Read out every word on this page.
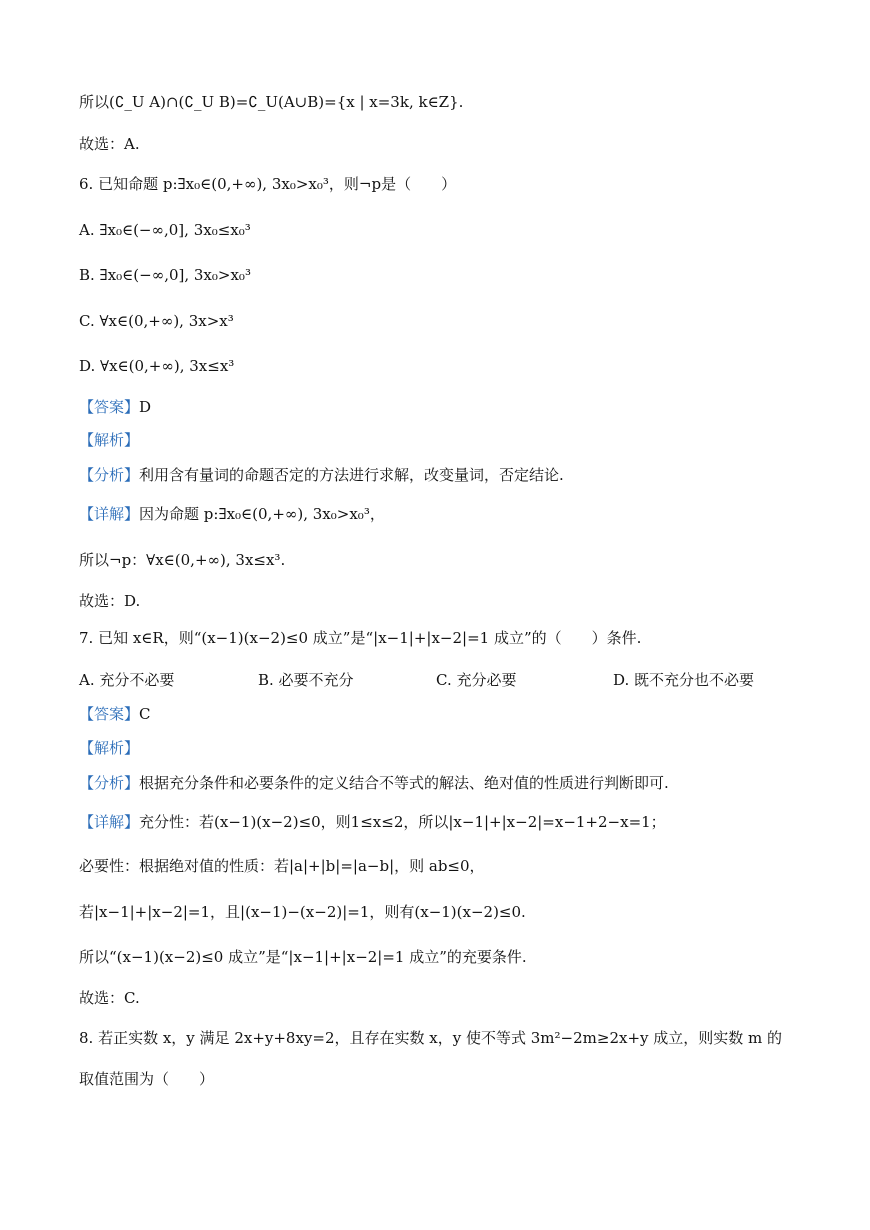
所以(∁_U A)∩(∁_U B)=∁_U(A∪B)={x | x=3k, k∈Z}.
故选：A.
6. 已知命题 p:∃x₀∈(0,+∞), 3x₀>x₀³，则¬p是（　　）
A. ∃x₀∈(−∞,0], 3x₀≤x₀³
B. ∃x₀∈(−∞,0], 3x₀>x₀³
C. ∀x∈(0,+∞), 3x>x³
D. ∀x∈(0,+∞), 3x≤x³
【答案】D
【解析】
【分析】利用含有量词的命题否定的方法进行求解，改变量词，否定结论.
【详解】因为命题 p:∃x₀∈(0,+∞), 3x₀>x₀³，
所以¬p：∀x∈(0,+∞), 3x≤x³.
故选：D.
7. 已知 x∈R，则“(x−1)(x−2)≤0 成立”是“|x−1|+|x−2|=1 成立”的（　　）条件.
A. 充分不必要	B. 必要不充分	C. 充分必要	D. 既不充分也不必要
【答案】C
【解析】
【分析】根据充分条件和必要条件的定义结合不等式的解法、绝对值的性质进行判断即可.
【详解】充分性：若(x−1)(x−2)≤0，则1≤x≤2，所以|x−1|+|x−2|=x−1+2−x=1；
必要性：根据绝对值的性质：若|a|+|b|=|a−b|，则 ab≤0，
若|x−1|+|x−2|=1，且|(x−1)−(x−2)|=1，则有(x−1)(x−2)≤0.
所以“(x−1)(x−2)≤0 成立”是“|x−1|+|x−2|=1 成立”的充要条件.
故选：C.
8. 若正实数 x，y 满足 2x+y+8xy=2，且存在实数 x，y 使不等式 3m²−2m≥2x+y 成立，则实数 m 的
取值范围为（　　）
